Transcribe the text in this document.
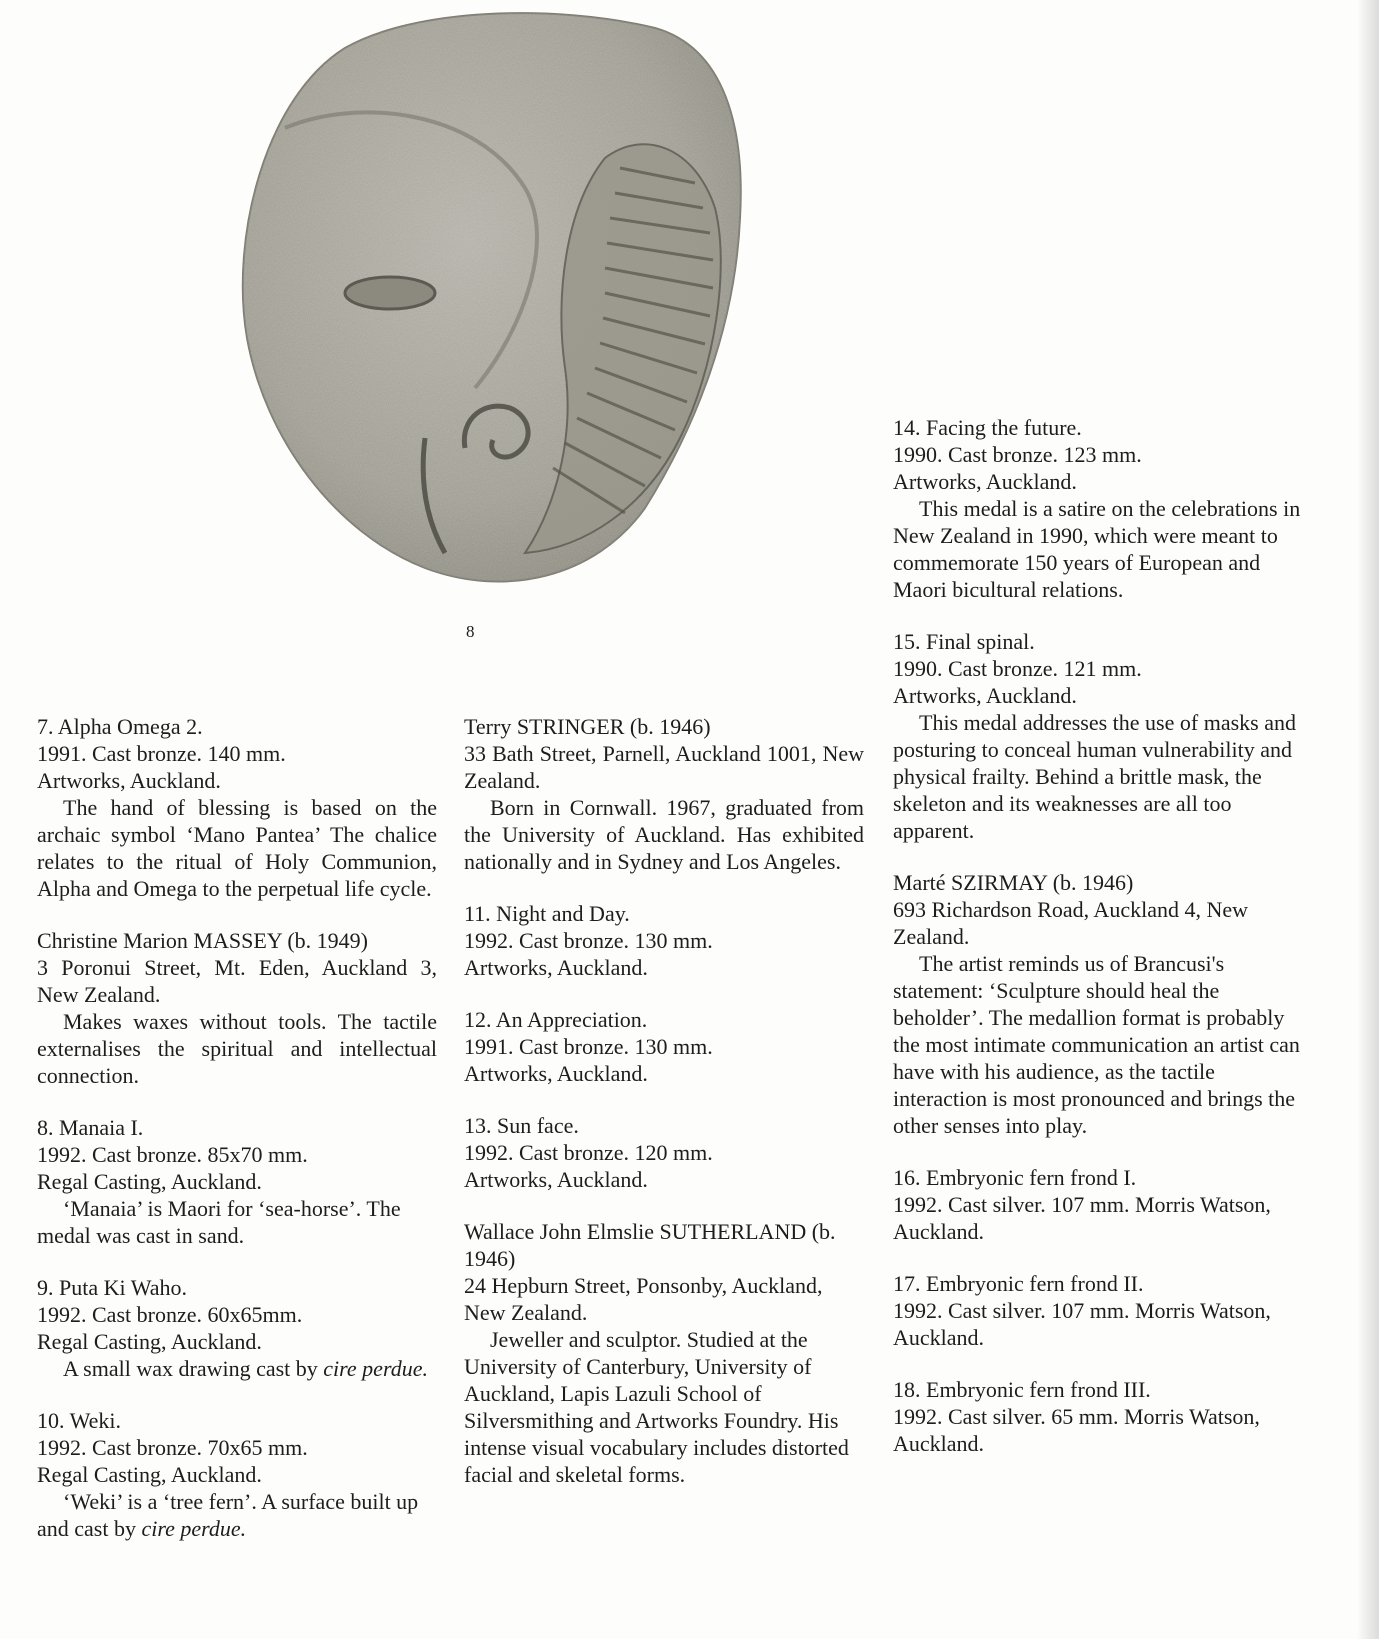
8

7. Alpha Omega 2.

1991. Cast bronze. 140 mm.

Artworks, Auckland.

The hand of blessing is based on the archaic symbol ‘Mano Pantea’ The chalice relates to the ritual of Holy Communion, Alpha and Omega to the perpetual life cycle.

Christine Marion MASSEY (b. 1949)

3 Poronui Street, Mt. Eden, Auckland 3, New Zealand.

Makes waxes without tools. The tactile externalises the spiritual and intellectual connection.

8. Manaia I.

1992. Cast bronze. 85x70 mm.

Regal Casting, Auckland.

‘Manaia’ is Maori for ‘sea-horse’. The medal was cast in sand.

9. Puta Ki Waho.

1992. Cast bronze. 60x65mm.

Regal Casting, Auckland.

A small wax drawing cast by cire perdue.

10. Weki.

1992. Cast bronze. 70x65 mm.

Regal Casting, Auckland.

‘Weki’ is a ‘tree fern’. A surface built up and cast by cire perdue.

Terry STRINGER (b. 1946)

33 Bath Street, Parnell, Auckland 1001, New Zealand.

Born in Cornwall. 1967, graduated from the University of Auckland. Has exhibited nationally and in Sydney and Los Angeles.

11. Night and Day.

1992. Cast bronze. 130 mm.

Artworks, Auckland.

12. An Appreciation.

1991. Cast bronze. 130 mm.

Artworks, Auckland.

13. Sun face.

1992. Cast bronze. 120 mm.

Artworks, Auckland.

Wallace John Elmslie SUTHERLAND (b. 1946)

24 Hepburn Street, Ponsonby, Auckland, New Zealand.

Jeweller and sculptor. Studied at the University of Canterbury, University of Auckland, Lapis Lazuli School of Silversmithing and Artworks Foundry. His intense visual vocabulary includes distorted facial and skeletal forms.

14. Facing the future.

1990. Cast bronze. 123 mm.

Artworks, Auckland.

This medal is a satire on the celebrations in New Zealand in 1990, which were meant to commemorate 150 years of European and Maori bicultural relations.

15. Final spinal.

1990. Cast bronze. 121 mm.

Artworks, Auckland.

This medal addresses the use of masks and posturing to conceal human vulnerability and physical frailty. Behind a brittle mask, the skeleton and its weaknesses are all too apparent.

Marté SZIRMAY (b. 1946)

693 Richardson Road, Auckland 4, New Zealand.

The artist reminds us of Brancusi's statement: ‘Sculpture should heal the beholder’. The medallion format is probably the most intimate communication an artist can have with his audience, as the tactile interaction is most pronounced and brings the other senses into play.

16. Embryonic fern frond I.

1992. Cast silver. 107 mm. Morris Watson, Auckland.

17. Embryonic fern frond II.

1992. Cast silver. 107 mm. Morris Watson, Auckland.

18. Embryonic fern frond III.

1992. Cast silver. 65 mm. Morris Watson, Auckland.
